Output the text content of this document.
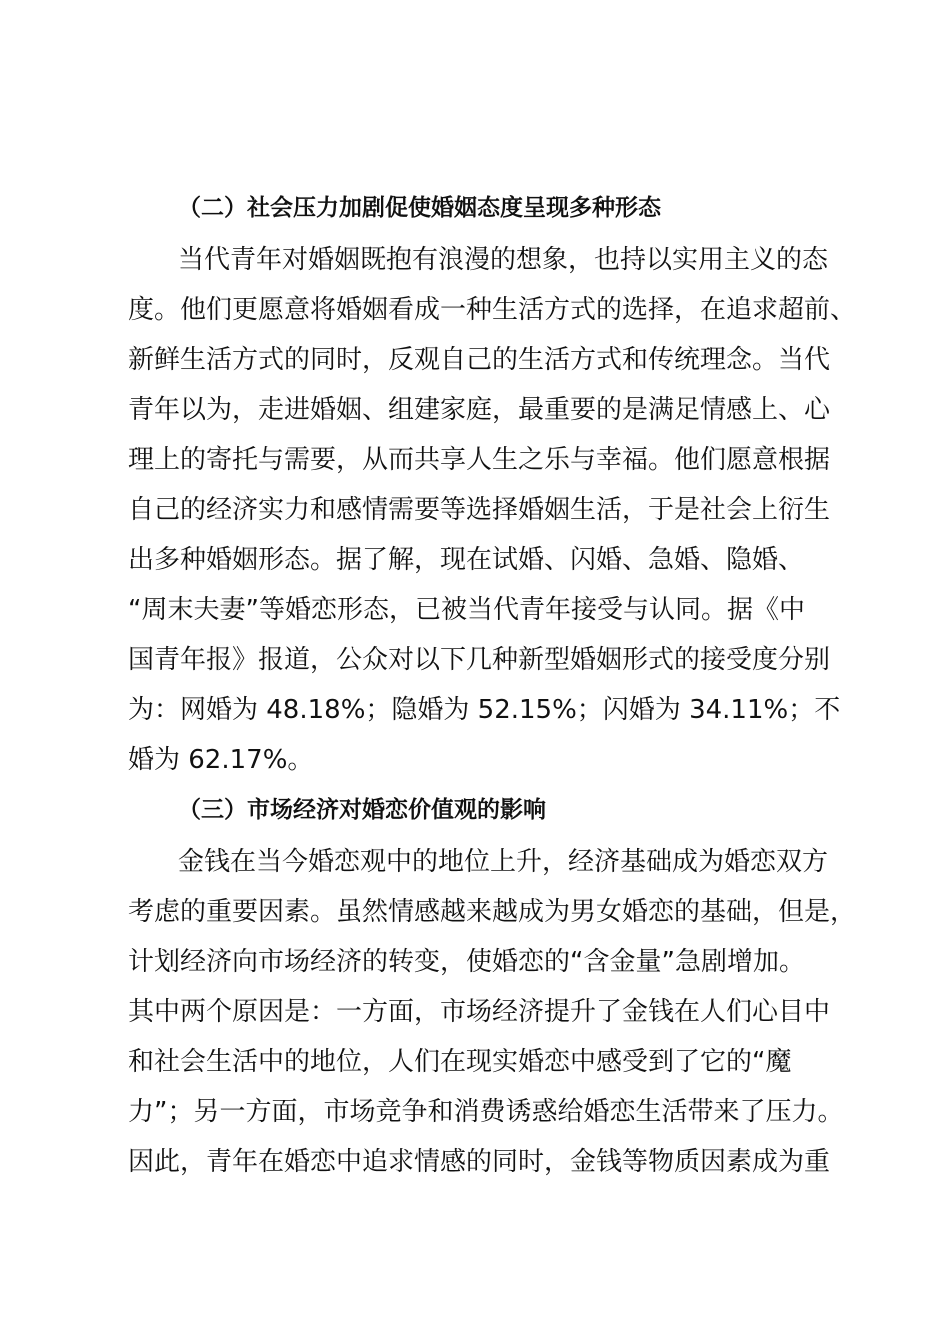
（二）社会压力加剧促使婚姻态度呈现多种形态

当代青年对婚姻既抱有浪漫的想象，也持以实用主义的态
度。他们更愿意将婚姻看成一种生活方式的选择，在追求超前、
新鲜生活方式的同时，反观自己的生活方式和传统理念。当代
青年以为，走进婚姻、组建家庭，最重要的是满足情感上、心
理上的寄托与需要，从而共享人生之乐与幸福。他们愿意根据
自己的经济实力和感情需要等选择婚姻生活，于是社会上衍生
出多种婚姻形态。据了解，现在试婚、闪婚、急婚、隐婚、
“周末夫妻”等婚恋形态，已被当代青年接受与认同。据《中
国青年报》报道，公众对以下几种新型婚姻形式的接受度分别
为：网婚为 48.18%；隐婚为 52.15%；闪婚为 34.11%；不
婚为 62.17%。

（三）市场经济对婚恋价值观的影响

金钱在当今婚恋观中的地位上升，经济基础成为婚恋双方
考虑的重要因素。虽然情感越来越成为男女婚恋的基础，但是，
计划经济向市场经济的转变，使婚恋的“含金量”急剧增加。
其中两个原因是：一方面，市场经济提升了金钱在人们心目中
和社会生活中的地位，人们在现实婚恋中感受到了它的“魔
力”；另一方面，市场竞争和消费诱惑给婚恋生活带来了压力。
因此，青年在婚恋中追求情感的同时，金钱等物质因素成为重
